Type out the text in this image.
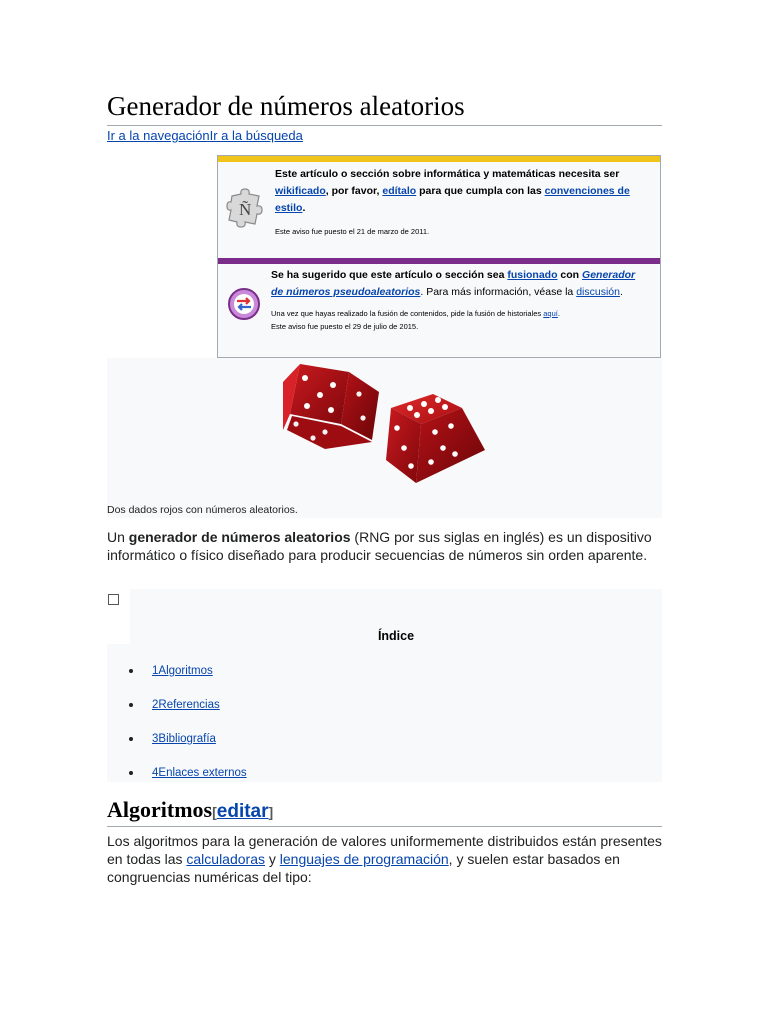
Generador de números aleatorios
Ir a la navegaciónIr a la búsqueda
Ñ
Este artículo o sección sobre informática y matemáticas necesita ser wikificado, por favor, edítalo para que cumpla con las convenciones de estilo.
Este aviso fue puesto el 21 de marzo de 2011.
Se ha sugerido que este artículo o sección sea fusionado con Generador de números pseudoaleatorios. Para más información, véase la discusión.
Una vez que hayas realizado la fusión de contenidos, pide la fusión de historiales aquí.
Este aviso fue puesto el 29 de julio de 2015.
Dos dados rojos con números aleatorios.

Un generador de números aleatorios (RNG por sus siglas en inglés) es un dispositivo informático o físico diseñado para producir secuencias de números sin orden aparente.

Índice
1Algoritmos
2Referencias
3Bibliografía
4Enlaces externos
Algoritmos[editar]

Los algoritmos para la generación de valores uniformemente distribuidos están presentes en todas las calculadoras y lenguajes de programación, y suelen estar basados en congruencias numéricas del tipo:
